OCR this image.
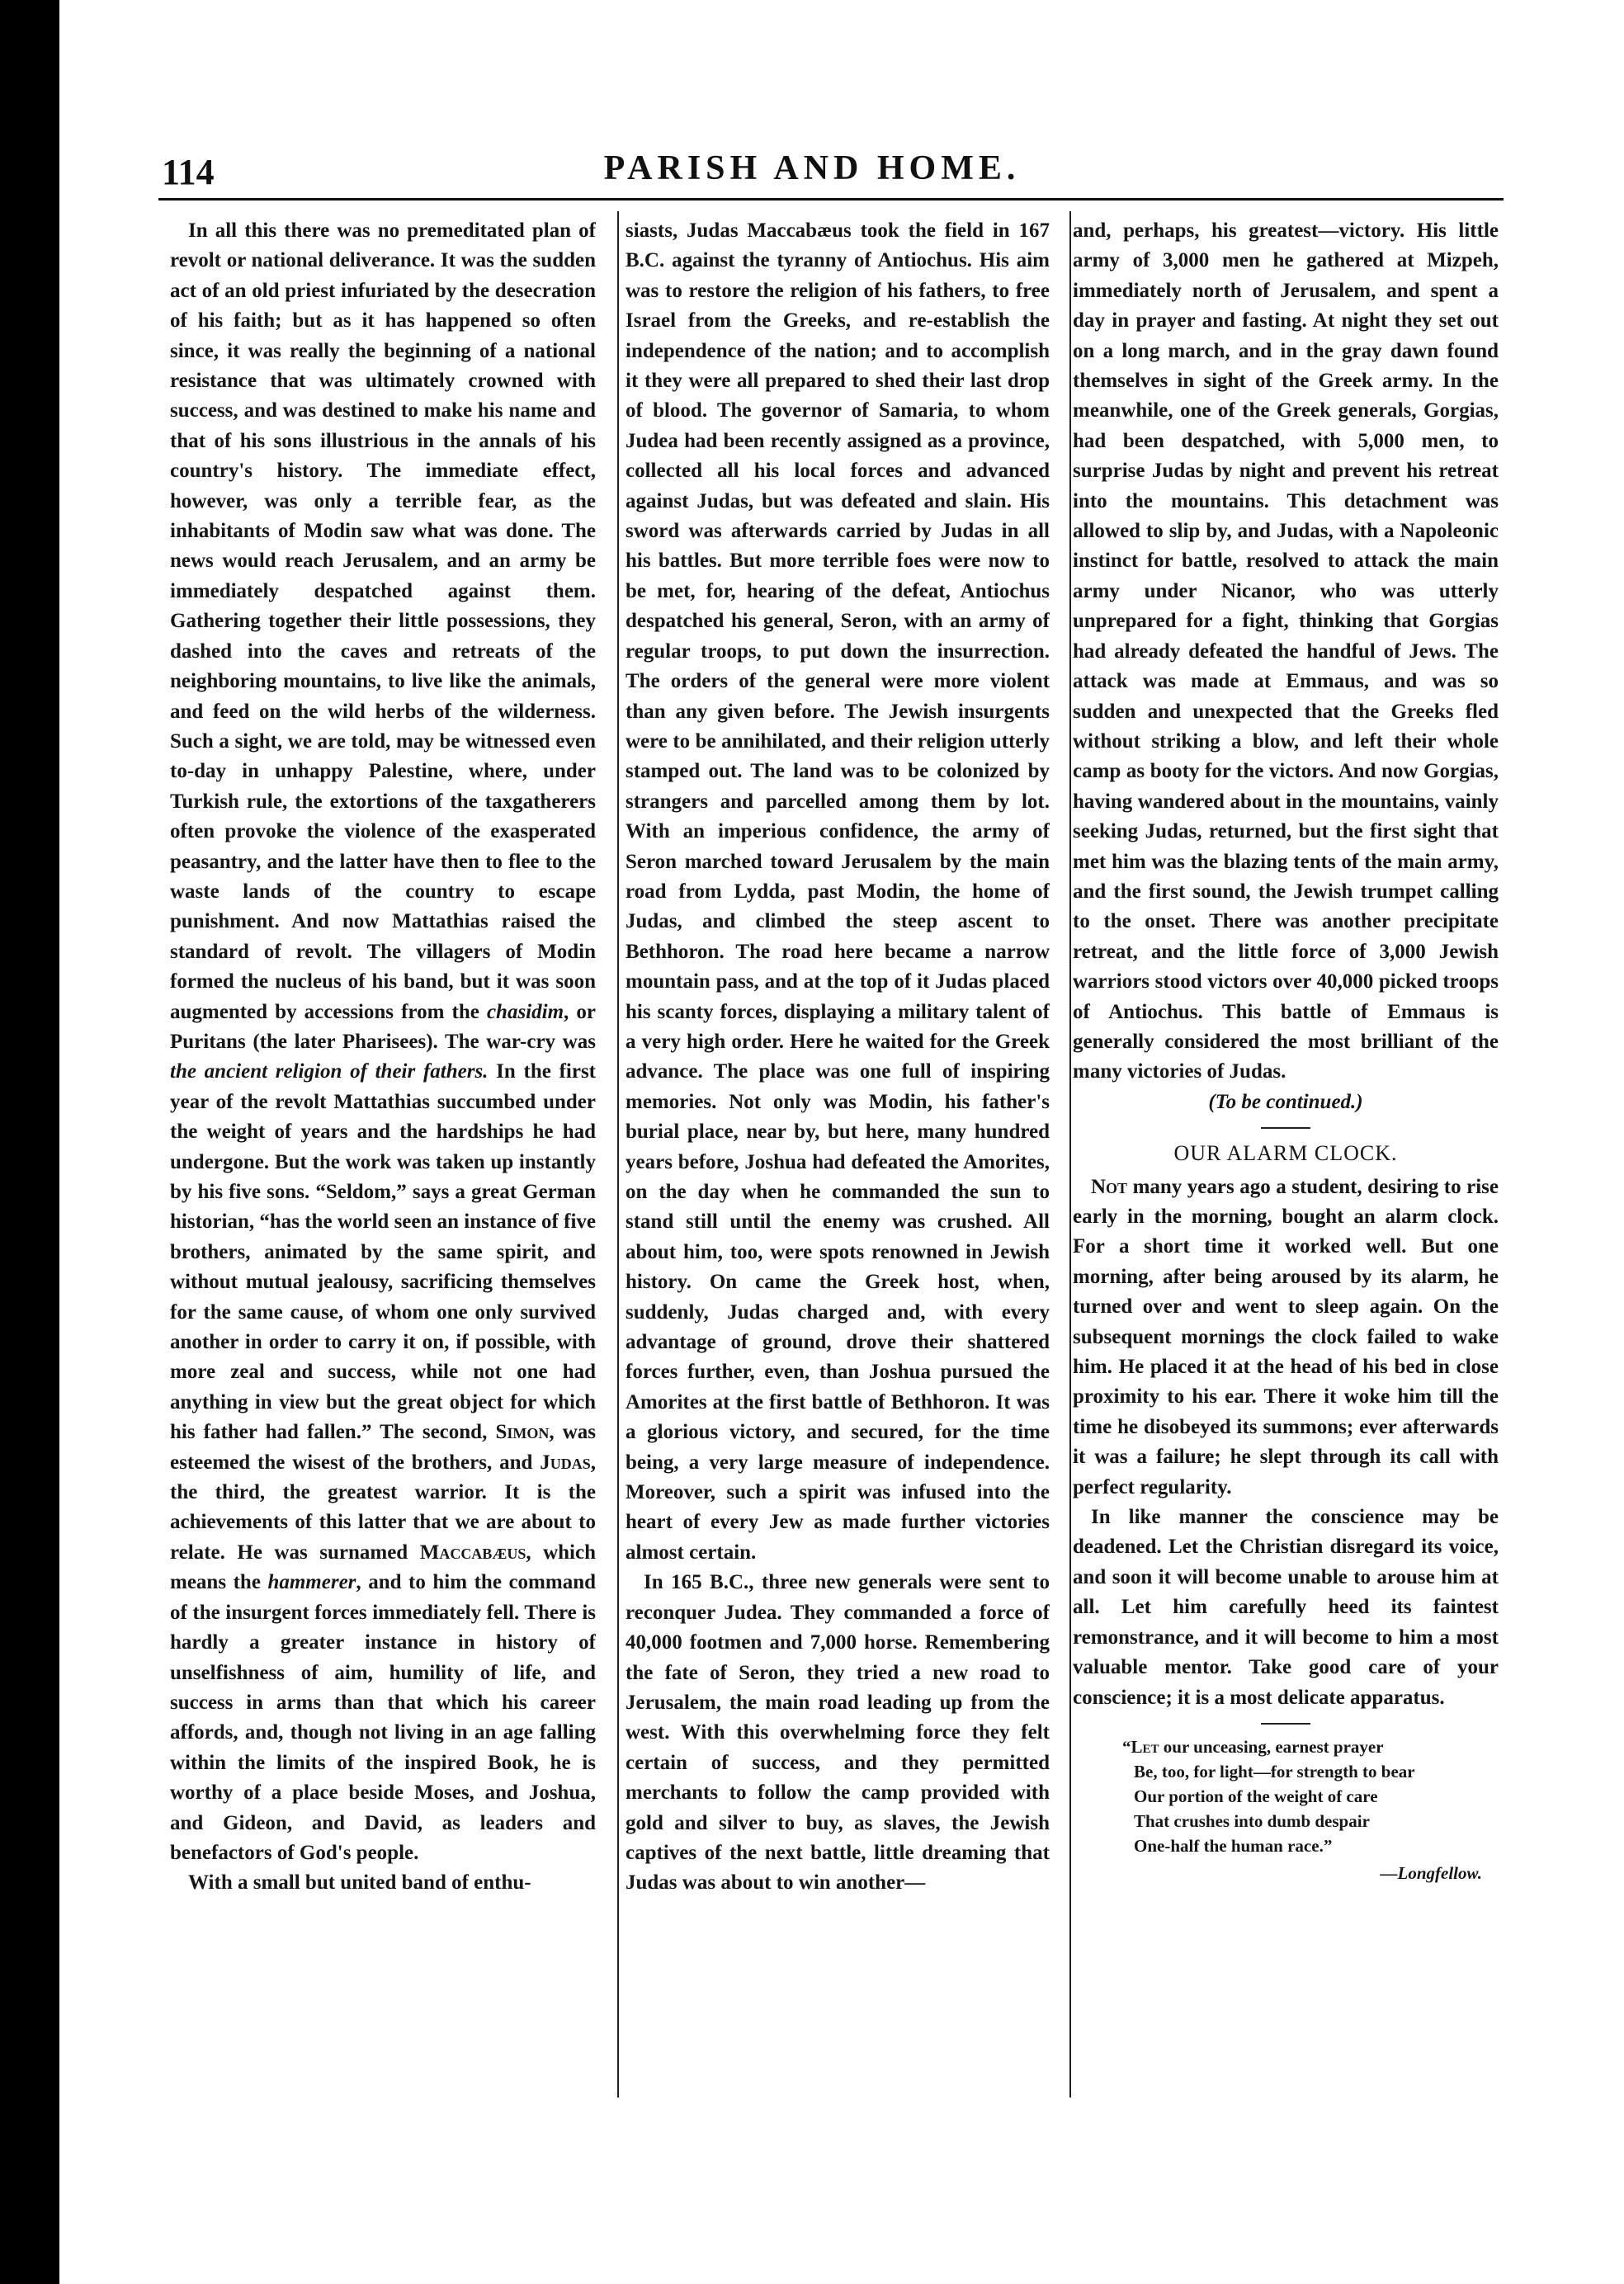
114	PARISH AND HOME.

In all this there was no premeditated plan of revolt or national deliverance. It was the sudden act of an old priest infuriated by the desecration of his faith; but as it has happened so often since, it was really the beginning of a national resistance that was ultimately crowned with success, and was destined to make his name and that of his sons illustrious in the annals of his country's history. The immediate effect, however, was only a terrible fear, as the inhabitants of Modin saw what was done. The news would reach Jerusalem, and an army be immediately despatched against them. Gathering together their little possessions, they dashed into the caves and retreats of the neighboring mountains, to live like the animals, and feed on the wild herbs of the wilderness. Such a sight, we are told, may be witnessed even to-day in unhappy Palestine, where, under Turkish rule, the extortions of the taxgatherers often provoke the violence of the exasperated peasantry, and the latter have then to flee to the waste lands of the country to escape punishment. And now Mattathias raised the standard of revolt. The villagers of Modin formed the nucleus of his band, but it was soon augmented by accessions from the chasidim, or Puritans (the later Pharisees). The war-cry was the ancient religion of their fathers. In the first year of the revolt Mattathias succumbed under the weight of years and the hardships he had undergone. But the work was taken up instantly by his five sons. “Seldom,” says a great German historian, “has the world seen an instance of five brothers, animated by the same spirit, and without mutual jealousy, sacrificing themselves for the same cause, of whom one only survived another in order to carry it on, if possible, with more zeal and success, while not one had anything in view but the great object for which his father had fallen.” The second, Simon, was esteemed the wisest of the brothers, and Judas, the third, the greatest warrior. It is the achievements of this latter that we are about to relate. He was surnamed Maccabæus, which means the hammerer, and to him the command of the insurgent forces immediately fell. There is hardly a greater instance in history of unselfishness of aim, humility of life, and success in arms than that which his career affords, and, though not living in an age falling within the limits of the inspired Book, he is worthy of a place beside Moses, and Joshua, and Gideon, and David, as leaders and benefactors of God's people.

With a small but united band of enthu-

siasts, Judas Maccabæus took the field in 167 B.C. against the tyranny of Antiochus. His aim was to restore the religion of his fathers, to free Israel from the Greeks, and re-establish the independence of the nation; and to accomplish it they were all prepared to shed their last drop of blood. The governor of Samaria, to whom Judea had been recently assigned as a province, collected all his local forces and advanced against Judas, but was defeated and slain. His sword was afterwards carried by Judas in all his battles. But more terrible foes were now to be met, for, hearing of the defeat, Antiochus despatched his general, Seron, with an army of regular troops, to put down the insurrection. The orders of the general were more violent than any given before. The Jewish insurgents were to be annihilated, and their religion utterly stamped out. The land was to be colonized by strangers and parcelled among them by lot. With an imperious confidence, the army of Seron marched toward Jerusalem by the main road from Lydda, past Modin, the home of Judas, and climbed the steep ascent to Bethhoron. The road here became a narrow mountain pass, and at the top of it Judas placed his scanty forces, displaying a military talent of a very high order. Here he waited for the Greek advance. The place was one full of inspiring memories. Not only was Modin, his father's burial place, near by, but here, many hundred years before, Joshua had defeated the Amorites, on the day when he commanded the sun to stand still until the enemy was crushed. All about him, too, were spots renowned in Jewish history. On came the Greek host, when, suddenly, Judas charged and, with every advantage of ground, drove their shattered forces further, even, than Joshua pursued the Amorites at the first battle of Bethhoron. It was a glorious victory, and secured, for the time being, a very large measure of independence. Moreover, such a spirit was infused into the heart of every Jew as made further victories almost certain.

In 165 B.C., three new generals were sent to reconquer Judea. They commanded a force of 40,000 footmen and 7,000 horse. Remembering the fate of Seron, they tried a new road to Jerusalem, the main road leading up from the west. With this overwhelming force they felt certain of success, and they permitted merchants to follow the camp provided with gold and silver to buy, as slaves, the Jewish captives of the next battle, little dreaming that Judas was about to win another—

and, perhaps, his greatest—victory. His little army of 3,000 men he gathered at Mizpeh, immediately north of Jerusalem, and spent a day in prayer and fasting. At night they set out on a long march, and in the gray dawn found themselves in sight of the Greek army. In the meanwhile, one of the Greek generals, Gorgias, had been despatched, with 5,000 men, to surprise Judas by night and prevent his retreat into the mountains. This detachment was allowed to slip by, and Judas, with a Napoleonic instinct for battle, resolved to attack the main army under Nicanor, who was utterly unprepared for a fight, thinking that Gorgias had already defeated the handful of Jews. The attack was made at Emmaus, and was so sudden and unexpected that the Greeks fled without striking a blow, and left their whole camp as booty for the victors. And now Gorgias, having wandered about in the mountains, vainly seeking Judas, returned, but the first sight that met him was the blazing tents of the main army, and the first sound, the Jewish trumpet calling to the onset. There was another precipitate retreat, and the little force of 3,000 Jewish warriors stood victors over 40,000 picked troops of Antiochus. This battle of Emmaus is generally considered the most brilliant of the many victories of Judas.

(To be continued.)

OUR ALARM CLOCK.

Not many years ago a student, desiring to rise early in the morning, bought an alarm clock. For a short time it worked well. But one morning, after being aroused by its alarm, he turned over and went to sleep again. On the subsequent mornings the clock failed to wake him. He placed it at the head of his bed in close proximity to his ear. There it woke him till the time he disobeyed its summons; ever afterwards it was a failure; he slept through its call with perfect regularity.

In like manner the conscience may be deadened. Let the Christian disregard its voice, and soon it will become unable to arouse him at all. Let him carefully heed its faintest remonstrance, and it will become to him a most valuable mentor. Take good care of your conscience; it is a most delicate apparatus.

“Let our unceasing, earnest prayer
Be, too, for light—for strength to bear
Our portion of the weight of care
That crushes into dumb despair
One-half the human race.”
—Longfellow.
